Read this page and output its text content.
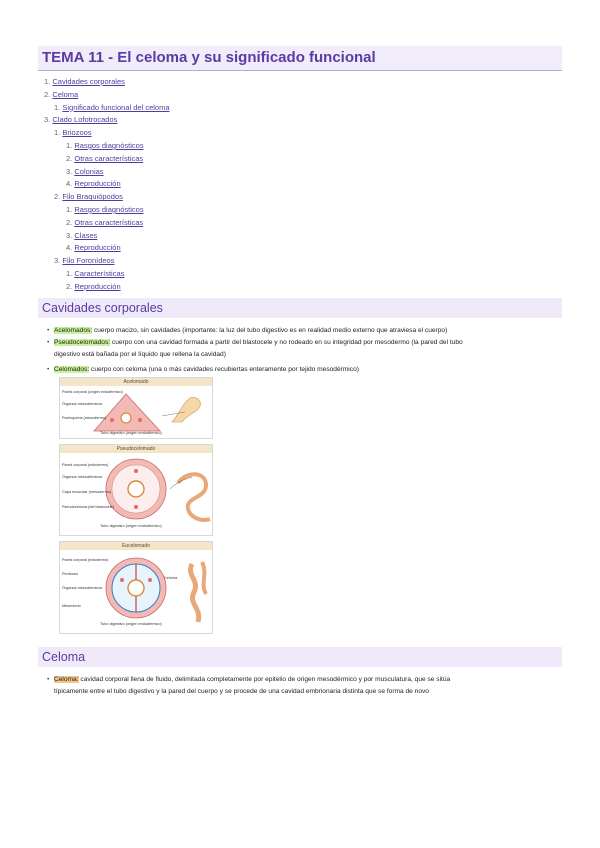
TEMA 11 - El celoma y su significado funcional
1. Cavidades corporales
2. Celoma
1. Significado funcional del celoma
3. Clado Lofotrocados
1. Briozoos
1. Rasgos diagnósticos
2. Otras características
3. Colonias
4. Reproducción
2. Filo Braquiópodos
1. Rasgos diagnósticos
2. Otras características
3. Clases
4. Reproducción
3. Filo Foronídeos
1. Características
2. Reproducción
Cavidades corporales
• Acelomados: cuerpo macizo, sin cavidades (importante: la luz del tubo digestivo es en realidad medio externo que atraviesa el cuerpo)
• Pseudocelomados: cuerpo con una cavidad formada a partir del blastocele y no rodeado en su integridad por mesodermo (la pared del tubo
digestivo está bañada por el líquido que rellena la cavidad)
• Celomados: cuerpo con celoma (una o más cavidades recubiertas enteramente por tejido mesodérmico)
Acelomado
Pared corporal (origen ectodérmico)
Órganos mesodérmicos
Parénquima (mesodermo)
Tubo digestivo (origen endodérmico)
Pseudocelomado
Pared corporal (ectodermo)
Órganos mesodérmicos
Capa muscular (mesodermo)
Pseudoceloma (del blastocele)
Tubo digestivo (origen endodérmico)
Eucelomado
Pared corporal (ectodermo)
Peritoneo
Órganos mesodérmicos
Mesenterio
Celoma
Tubo digestivo (origen endodérmico)
Celoma
• Celoma: cavidad corporal llena de fluido, delimitada completamente por epitelio de origen mesodérmico y por musculatura, que se sitúa
típicamente entre el tubo digestivo y la pared del cuerpo y se procede de una cavidad embrionaria distinta que se forma de novo
